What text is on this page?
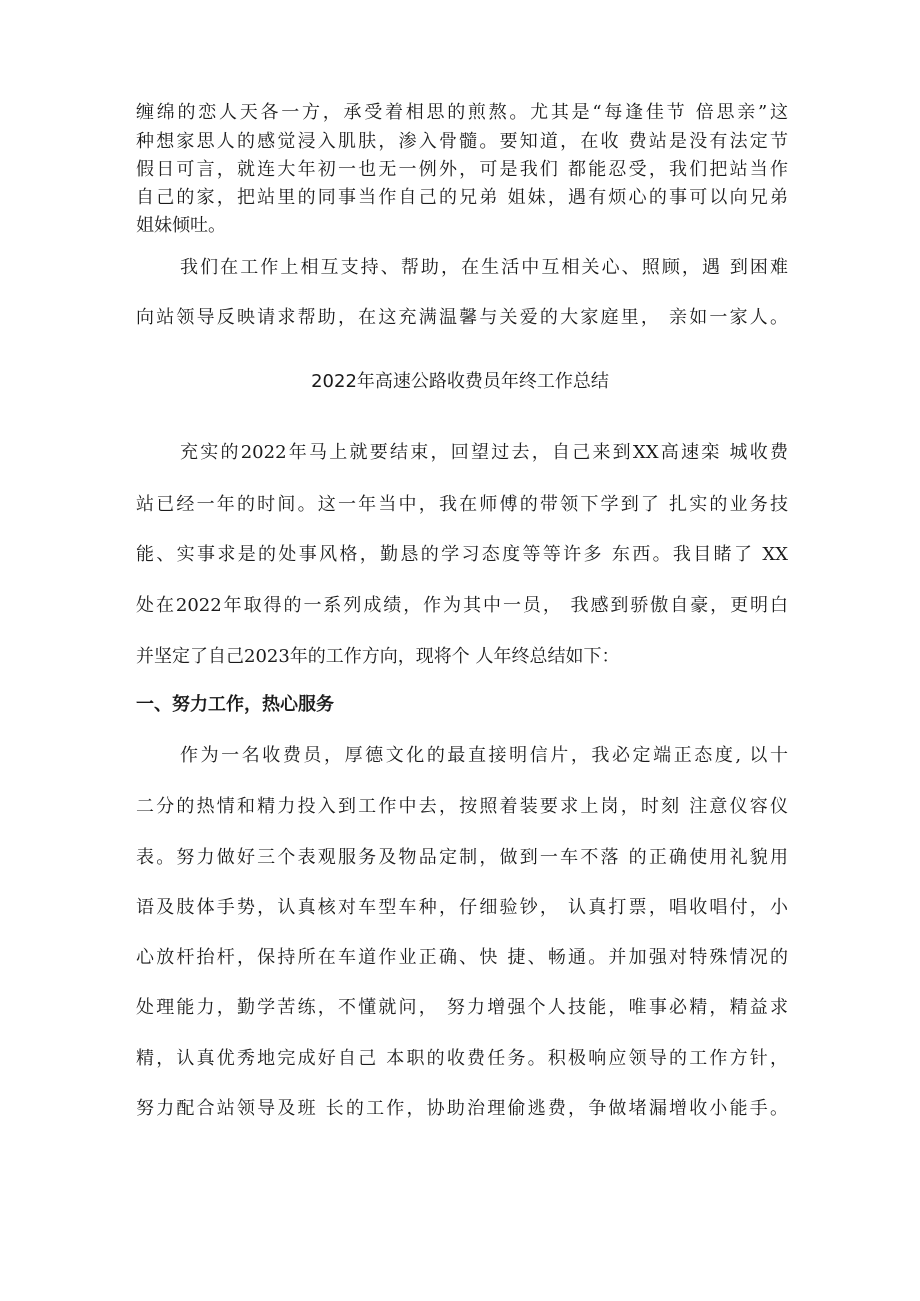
缠绵的恋人天各一方，承受着相思的煎熬。尤其是“每逢佳节 倍思亲”这
种想家思人的感觉浸入肌肤，渗入骨髓。要知道，在收 费站是没有法定节
假日可言，就连大年初一也无一例外，可是我们 都能忍受，我们把站当作
自己的家，把站里的同事当作自己的兄弟 姐妹，遇有烦心的事可以向兄弟
姐妹倾吐。
我们在工作上相互支持、帮助，在生活中互相关心、照顾，遇 到困难
向站领导反映请求帮助，在这充满温馨与关爱的大家庭里， 亲如一家人。
2022年高速公路收费员年终工作总结
充实的2022年马上就要结束，回望过去，自己来到XX高速栾 城收费
站已经一年的时间。这一年当中，我在师傅的带领下学到了 扎实的业务技
能、实事求是的处事风格，勤恳的学习态度等等许多 东西。我目睹了 XX
处在2022年取得的一系列成绩，作为其中一员， 我感到骄傲自豪，更明白
并坚定了自己2023年的工作方向，现将个 人年终总结如下：
一、努力工作，热心服务
作为一名收费员，厚德文化的最直接明信片，我必定端正态度, 以十
二分的热情和精力投入到工作中去，按照着装要求上岗，时刻 注意仪容仪
表。努力做好三个表观服务及物品定制，做到一车不落 的正确使用礼貌用
语及肢体手势，认真核对车型车种，仔细验钞， 认真打票，唱收唱付，小
心放杆抬杆，保持所在车道作业正确、快 捷、畅通。并加强对特殊情况的
处理能力，勤学苦练，不懂就问， 努力增强个人技能，唯事必精，精益求
精，认真优秀地完成好自己 本职的收费任务。积极响应领导的工作方针，
努力配合站领导及班 长的工作，协助治理偷逃费，争做堵漏增收小能手。
